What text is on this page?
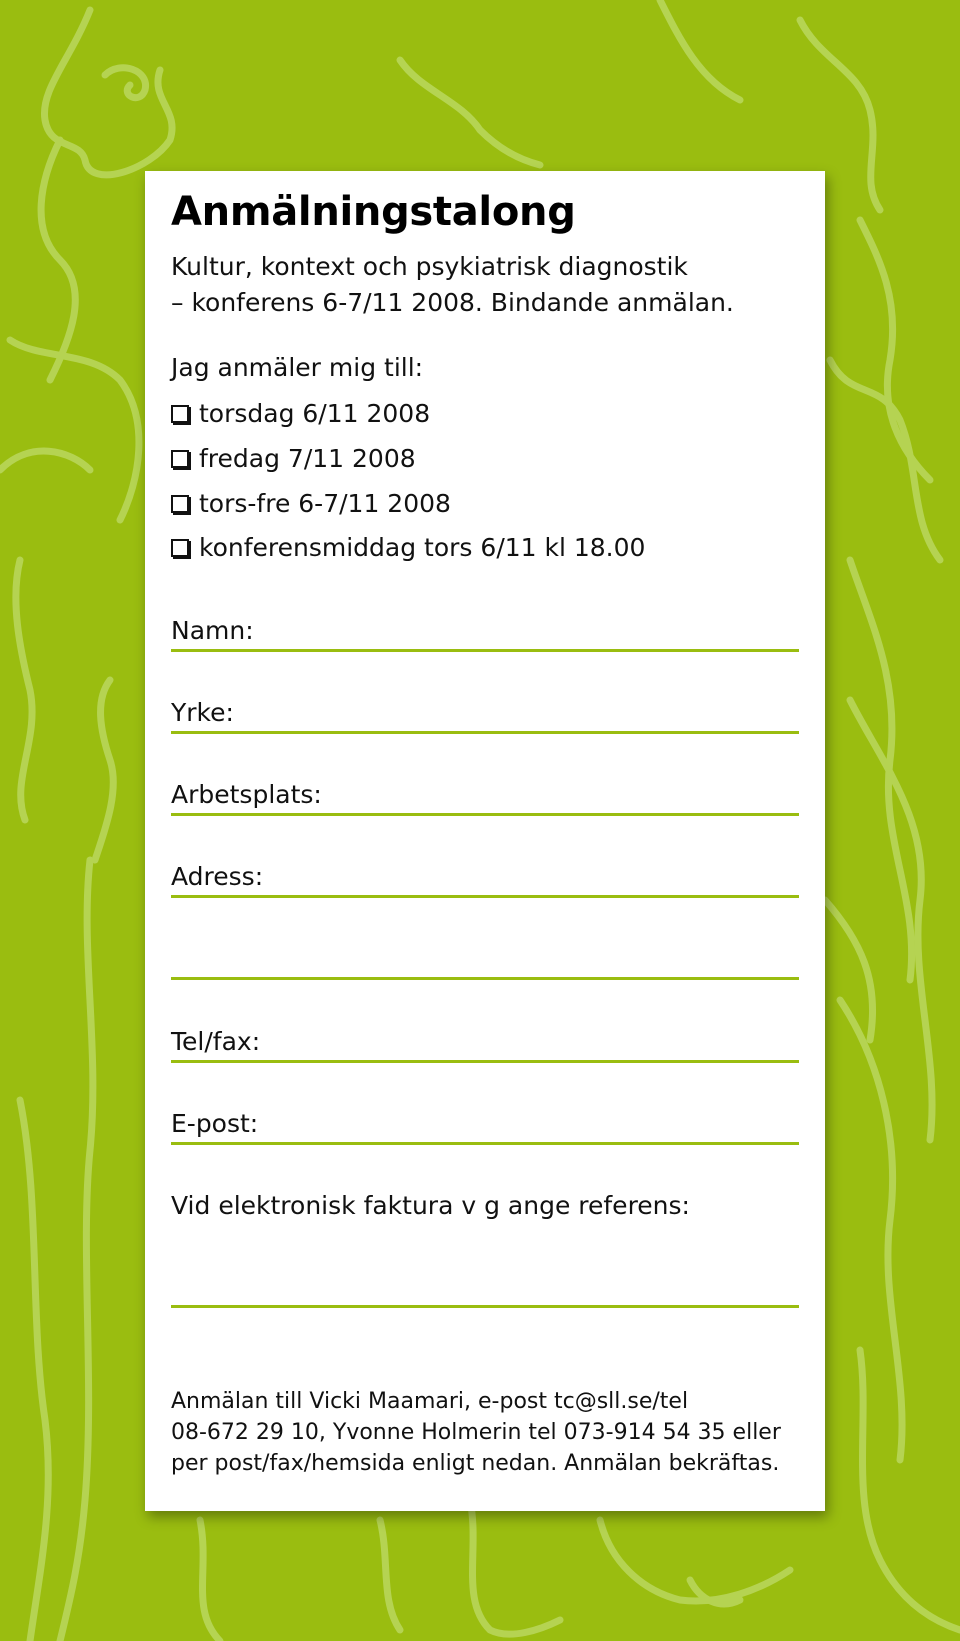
Anmälningstalong
Kultur, kontext och psykiatrisk diagnostik
– konferens 6-7/11 2008. Bindande anmälan.
Jag anmäler mig till:
torsdag 6/11 2008
fredag 7/11 2008
tors-fre 6-7/11 2008
konferensmiddag tors 6/11 kl 18.00
Namn:
Yrke:
Arbetsplats:
Adress:
Tel/fax:
E-post:
Vid elektronisk faktura v g ange referens:
Anmälan till Vicki Maamari, e-post tc@sll.se/tel
08-672 29 10, Yvonne Holmerin tel 073-914 54 35 eller
per post/fax/hemsida enligt nedan. Anmälan bekräftas.
